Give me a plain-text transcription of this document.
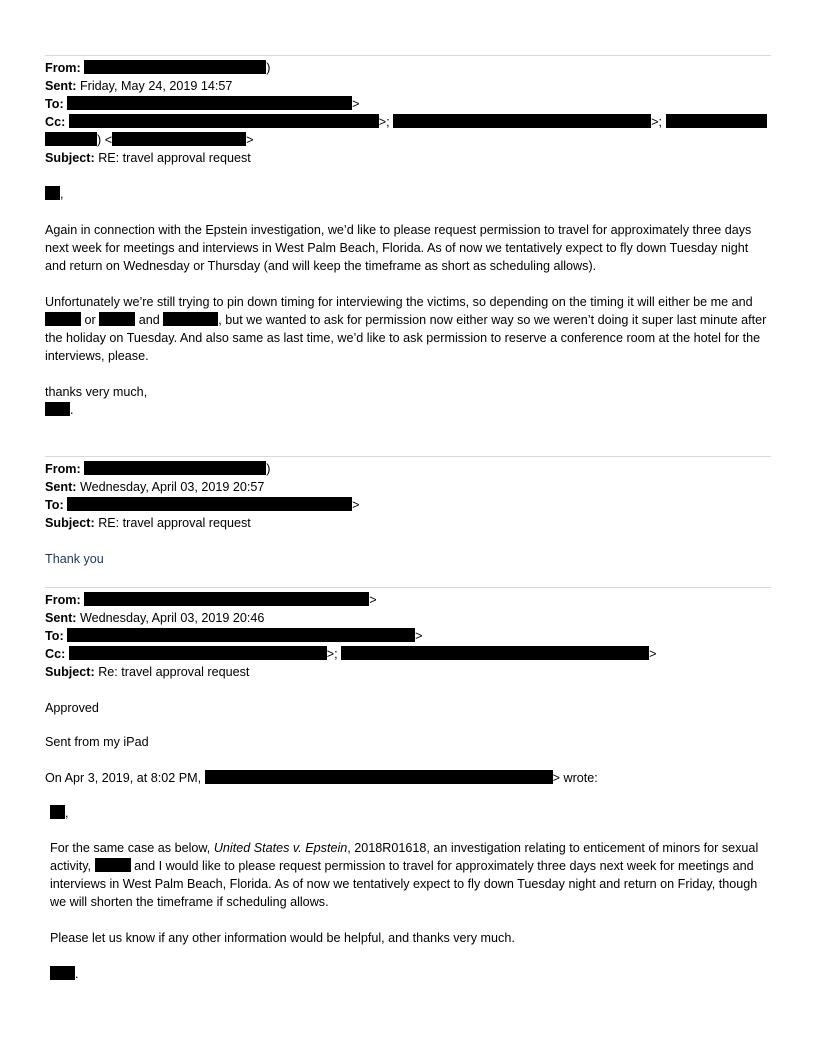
From:	)
Sent: Friday, May 24, 2019 14:57
To:	>
Cc:	>;	>;
) <	>
Subject: RE: travel approval request
,
Again in connection with the Epstein investigation, we’d like to please request permission to travel for approximately three days next week for meetings and interviews in West Palm Beach, Florida. As of now we tentatively expect to fly down Tuesday night and return on Wednesday or Thursday (and will keep the timeframe as short as scheduling allows).
Unfortunately we’re still trying to pin down timing for interviewing the victims, so depending on the timing it will either be me and  or	and	, but we wanted to ask for permission now either way so we weren’t doing it super last minute after the holiday on Tuesday. And also same as last time, we’d like to ask permission to reserve a conference room at the hotel for the interviews, please.
thanks very much,
.
From:	)
Sent: Wednesday, April 03, 2019 20:57
To:	>
Subject: RE: travel approval request
Thank you
From:	>
Sent: Wednesday, April 03, 2019 20:46
To:	>
Cc:	>;	>
Subject: Re: travel approval request
Approved
Sent from my iPad
On Apr 3, 2019, at 8:02 PM,	> wrote:
,
For the same case as below, United States v. Epstein, 2018R01618, an investigation relating to enticement of minors for sexual activity,	and I would like to please request permission to travel for approximately three days next week for meetings and interviews in West Palm Beach, Florida. As of now we tentatively expect to fly down Tuesday night and return on Friday, though we will shorten the timeframe if scheduling allows.
Please let us know if any other information would be helpful, and thanks very much.
.
